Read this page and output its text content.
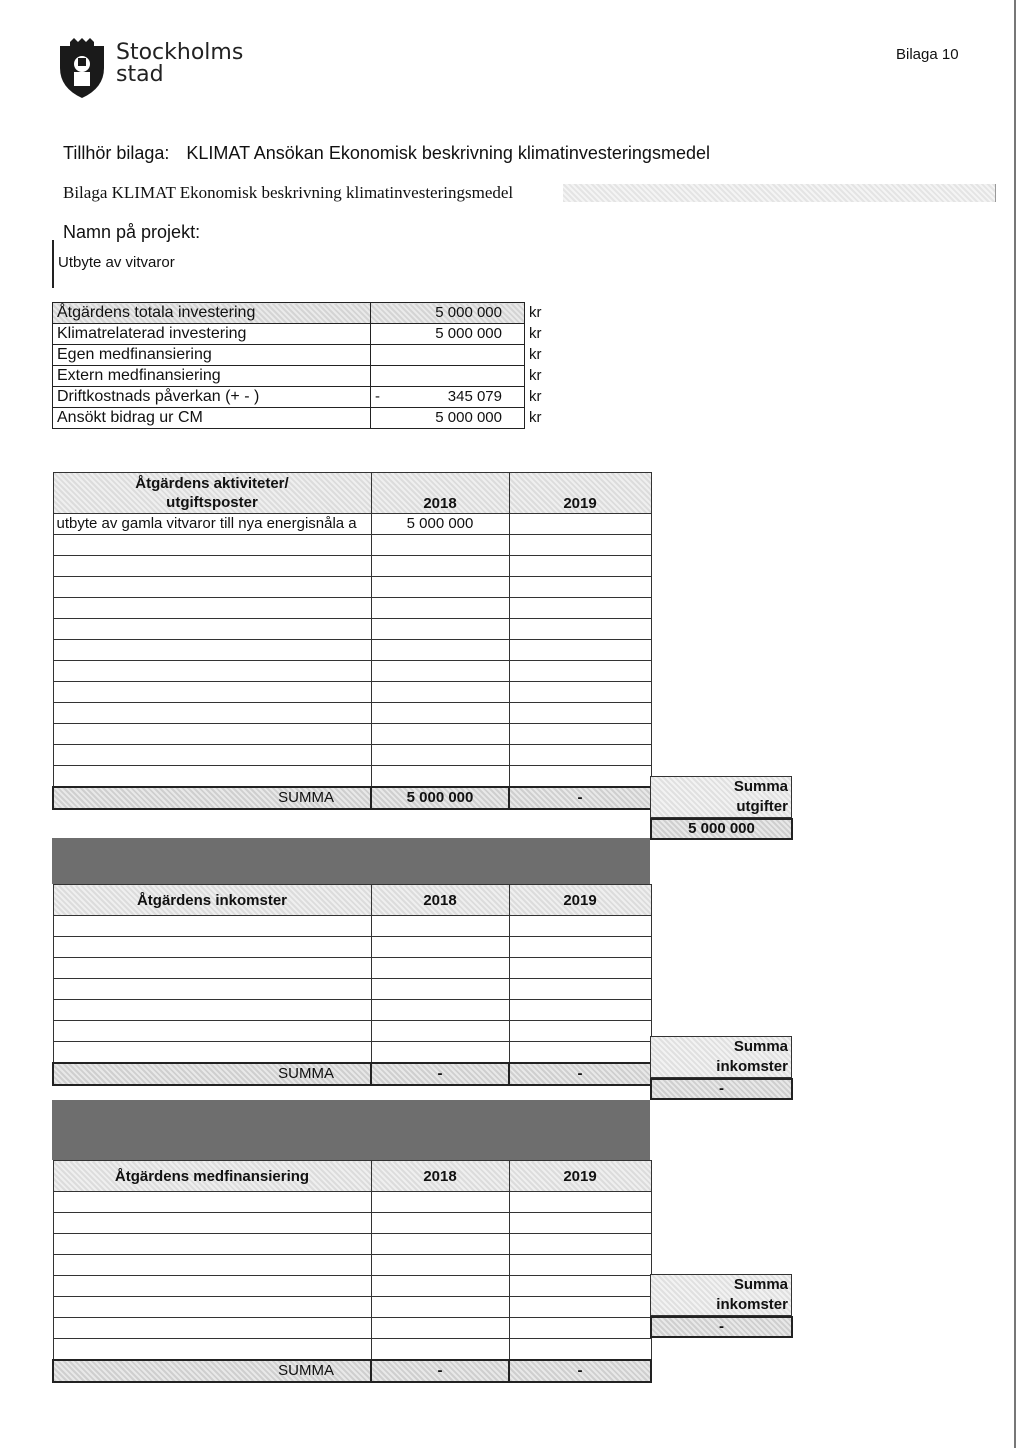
Stockholms
stad
Bilaga 10
Tillhör bilaga: KLIMAT Ansökan Ekonomisk beskrivning klimatinvesteringsmedel
Bilaga KLIMAT Ekonomisk beskrivning klimatinvesteringsmedel
Namn på projekt:
Utbyte av vitvaror
Åtgärdens totala investering	5 000 000	kr
Klimatrelaterad investering	5 000 000	kr
Egen medfinansiering		kr
Extern medfinansiering		kr
Driftkostnads påverkan (+ - )	- 345 079	kr
Ansökt bidrag ur CM	5 000 000	kr
Åtgärdens aktiviteter/
utgiftsposter	2018	2019
utbyte av gamla vitvaror till nya energisnåla a	5 000 000	

SUMMA	5 000 000	-
Summa
utgifter
5 000 000
Åtgärdens inkomster	2018	2019

SUMMA	-	-
Summa
inkomster
-
Åtgärdens medfinansiering	2018	2019

SUMMA	-	-
Summa
inkomster
-
